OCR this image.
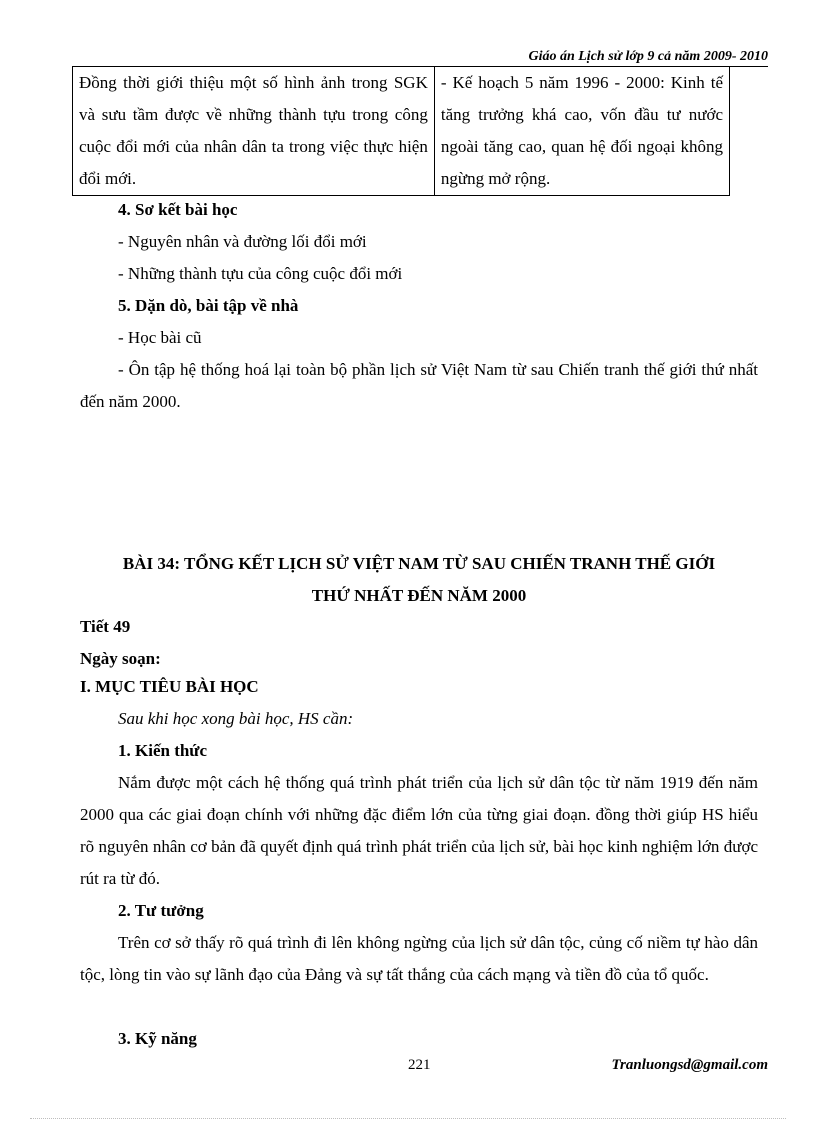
Giáo án Lịch sử lớp 9 cả năm 2009- 2010
Đồng thời giới thiệu một số hình ảnh trong SGK và sưu tầm được về những thành tựu trong công cuộc đổi mới của nhân dân ta trong việc thực hiện đổi mới.	- Kế hoạch 5 năm 1996 - 2000: Kinh tế tăng trưởng khá cao, vốn đầu tư nước ngoài tăng cao, quan hệ đối ngoại không ngừng mở rộng.

4. Sơ kết bài học

- Nguyên nhân và đường lối đổi mới

- Những thành tựu của công cuộc đổi mới

5. Dặn dò, bài tập về nhà

- Học bài cũ

- Ôn tập hệ thống hoá lại toàn bộ phần lịch sử Việt Nam từ sau Chiến tranh thế giới thứ nhất đến năm 2000.

BÀI 34: TỔNG KẾT LỊCH SỬ VIỆT NAM TỪ SAU CHIẾN TRANH THẾ GIỚI

THỨ NHẤT ĐẾN NĂM 2000

Tiết 49

Ngày soạn:

I. MỤC TIÊU BÀI HỌC

Sau khi học xong bài học, HS cần:

1. Kiến thức

Nắm được một cách hệ thống quá trình phát triển của lịch sử dân tộc từ năm 1919 đến năm 2000 qua các giai đoạn chính với những đặc điểm lớn của từng giai đoạn. đồng thời giúp HS hiểu rõ nguyên nhân cơ bản đã quyết định quá trình phát triển của lịch sử, bài học kinh nghiệm lớn được rút ra từ đó.

2. Tư tưởng

Trên cơ sở thấy rõ quá trình đi lên không ngừng của lịch sử dân tộc, củng cố niềm tự hào dân tộc, lòng tin vào sự lãnh đạo của Đảng và sự tất thắng của cách mạng và tiền đồ của tổ quốc.

3. Kỹ năng

221	Tranluongsd@gmail.com
